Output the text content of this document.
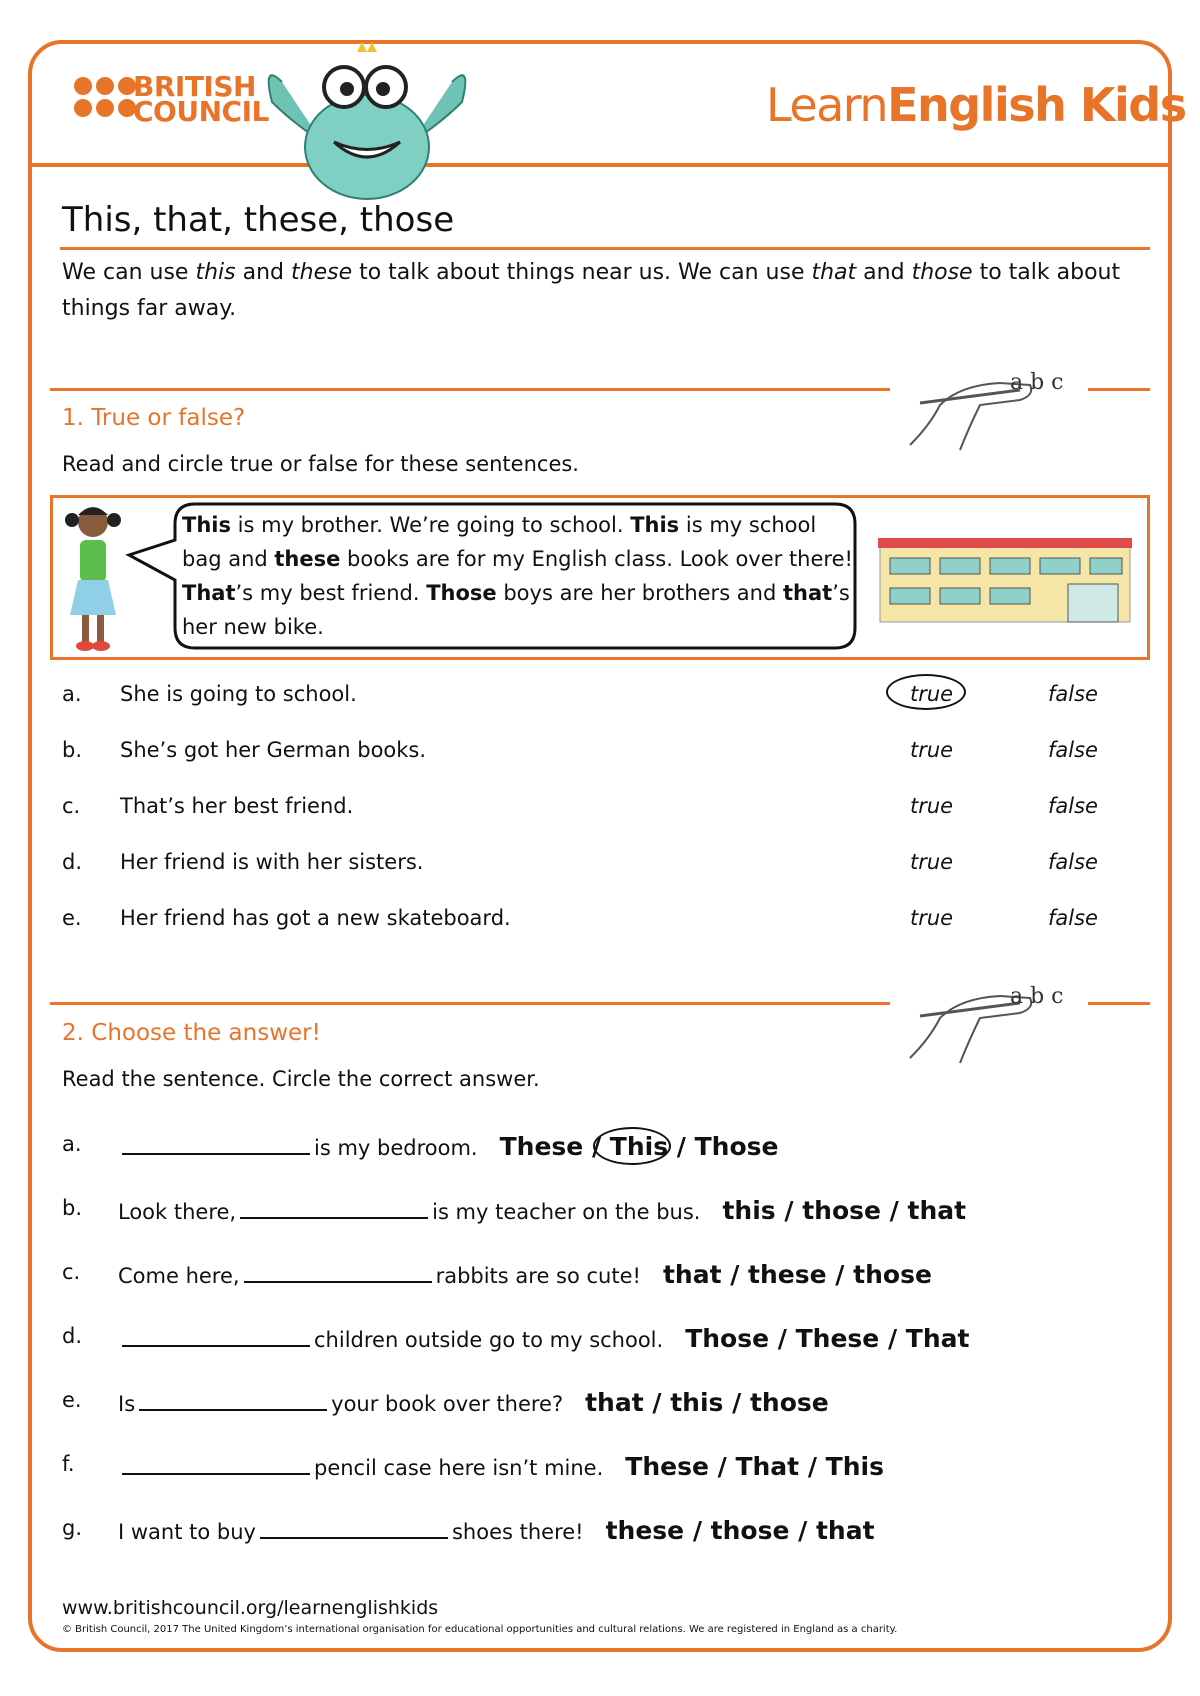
BRITISH
COUNCIL	LearnEnglish Kids
This, that, these, those
We can use this and these to talk about things near us. We can use that and those to talk about things far away.
a b c
1. True or false?
Read and circle true or false for these sentences.
This is my brother. We’re going to school. This is my school bag and these books are for my English class. Look over there! That’s my best friend. Those boys are her brothers and that’s her new bike.
a. She is going to school.	true	false
b. She’s got her German books.	true	false
c. That’s her best friend.	true	false
d. Her friend is with her sisters.	true	false
e. Her friend has got a new skateboard.	true	false
a b c
2. Choose the answer!
Read the sentence. Circle the correct answer.
a.	is my bedroom. These / This / Those
b. Look there,	is my teacher on the bus. this / those / that
c. Come here,	rabbits are so cute! that / these / those
d.	children outside go to my school. Those / These / That
e. Is	your book over there? that / this / those
f.	pencil case here isn’t mine. These / That / This
g. I want to buy	shoes there! these / those / that
www.britishcouncil.org/learnenglishkids
© British Council, 2017 The United Kingdom’s international organisation for educational opportunities and cultural relations. We are registered in England as a charity.
